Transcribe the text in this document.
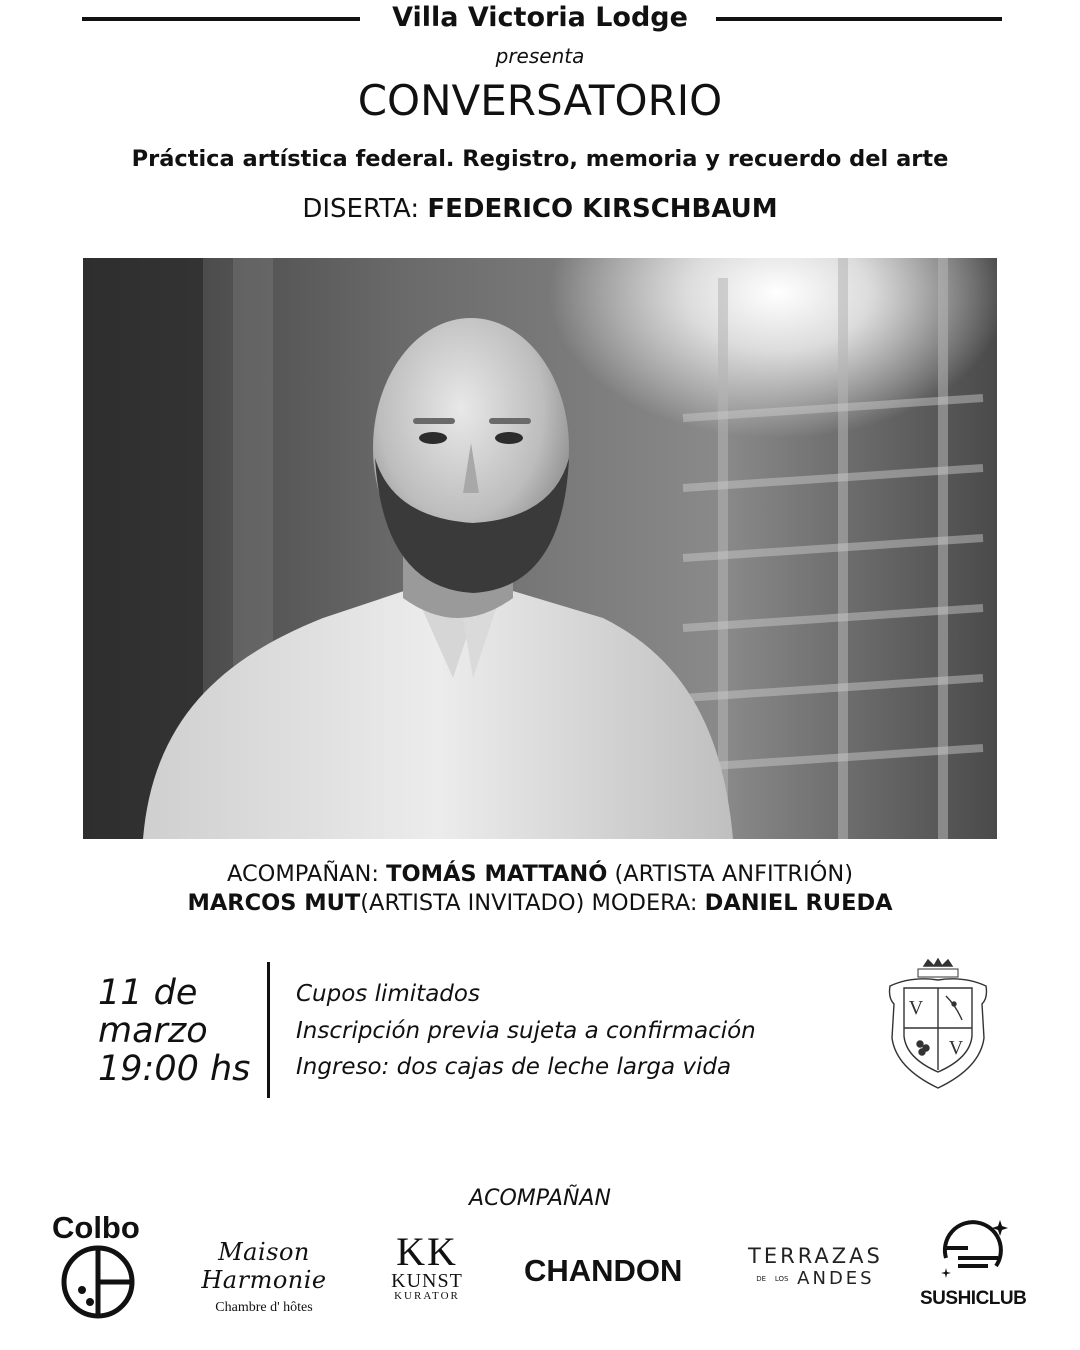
Villa Victoria Lodge
presenta
CONVERSATORIO
Práctica artística federal. Registro, memoria y recuerdo del arte
DISERTA: FEDERICO KIRSCHBAUM
ACOMPAÑAN: TOMÁS MATTANÓ (ARTISTA ANFITRIÓN)
MARCOS MUT(ARTISTA INVITADO) MODERA: DANIEL RUEDA
11 de
marzo
19:00 hs
Cupos limitados
Inscripción previa sujeta a confirmación
Ingreso: dos cajas de leche larga vida
V
V
ACOMPAÑAN
Colbo
Maison Harmonie
Chambre d' hôtes
KK
KUNST
KURATOR
CHANDON	TERRAZAS
DE LOS ANDES
SUSHICLUB
